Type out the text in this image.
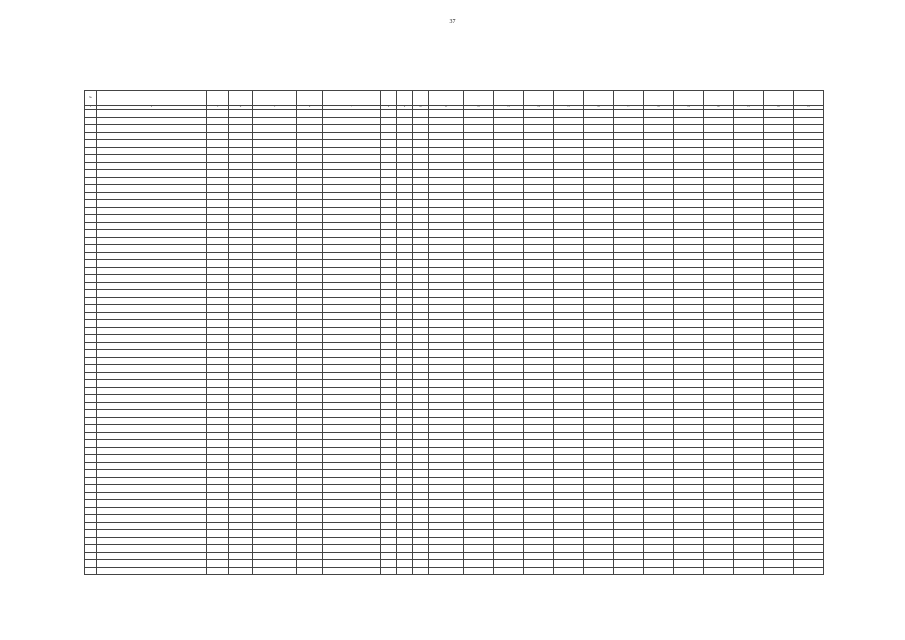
37
№																						
1	2	3	4	5	6	7	8	9	10	11	12	13	14	15	16	17	18	19	20	21	22	23
